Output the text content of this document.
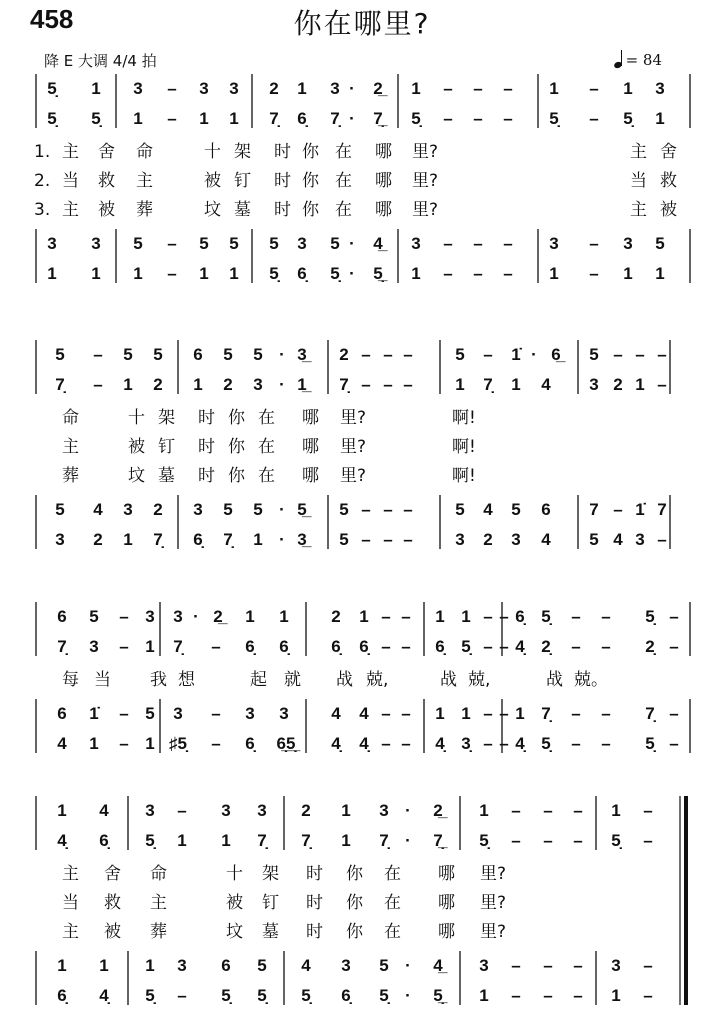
458	你在哪里?
降 E 大调 4/4 拍	= 84
5̣ 1 3 – 3 3 2 1 3 · 2̲ 1 – – – 1 – 1 3
5̣ 5̣ 1 – 1 1 7̣ 6̣ 7̣ · 7̲̣ 5̣ – – – 5̣ – 5̣ 1
3 3 5 – 5 5 5 3 5 · 4̲ 3 – – – 3 – 3 5
1 1 1 – 1 1 5̣ 6̣ 5̣ · 5̲̣ 1 – – – 1 – 1 1
1. 主 舍 命	十 架 时 你 在 哪 里?	主 舍
2. 当 救 主	被 钉 时 你 在 哪 里?	当 救
3. 主 被 葬	坟 墓 时 你 在 哪 里?	主 被
5 – 5 5 6 5 5 · 3̲ 2 – – –	5 – 1̇ · 6̲ 5 – – –
7̣ – 1 2 1 2 3 · 1̲ 7̣ – – –	1 7̣ 1 4 3 2 1 –
5 4 3 2 3 5 5 · 5̲ 5 – – –	5 4 5 6 7 – 1̇ 7
3 2 1 7̣ 6̣ 7̣ 1 · 3̲ 5 – – –	3 2 3 4 5 4 3 –
命	十 架 时 你 在 哪 里?	啊!
主	被 钉 时 你 在 哪 里?	啊!
葬	坟 墓 时 你 在 哪 里?	啊!
6 5 – 3 3 · 2̲ 1 1	2 1 – – 1 1 – – 6̣ 5̣ – – 5̣ –
7̣ 3 – 1 7̣ – 6̣ 6̣	6̣ 6̣ – – 6̣ 5̣ – – 4̣ 2̣ – – 2̣ –
6 1̇ – 5 3 – 3 3	4 4 – – 1 1 – – 1 7̣ – – 7̣ –
4 1 – 1 ♯5̣ – 6̣ 6̲̣5̲̣ 4̣ 4̣ – – 4̣ 3̣ – – 4̣ 5̣ – – 5̣ –
每 当 我 想	起 就 战 兢,	战 兢,	战 兢。
1 4 3 – 3 3 2 1 3 · 2̲ 1 – – – 1 –
4̣ 6̣ 5̣ 1 1 7̣ 7̣ 1 7̣ · 7̲̣ 5̣ – – – 5̣ –
1 1 1 3 6 5 4 3 5 · 4̲ 3 – – – 3 –
6̣ 4̣ 5̣ – 5̣ 5̣ 5̣ 6̣ 5̣ · 5̲̣ 1 – – – 1 –
主 舍 命	十 架 时 你 在 哪 里?
当 救 主	被 钉 时 你 在 哪 里?
主 被 葬	坟 墓 时 你 在 哪 里?
